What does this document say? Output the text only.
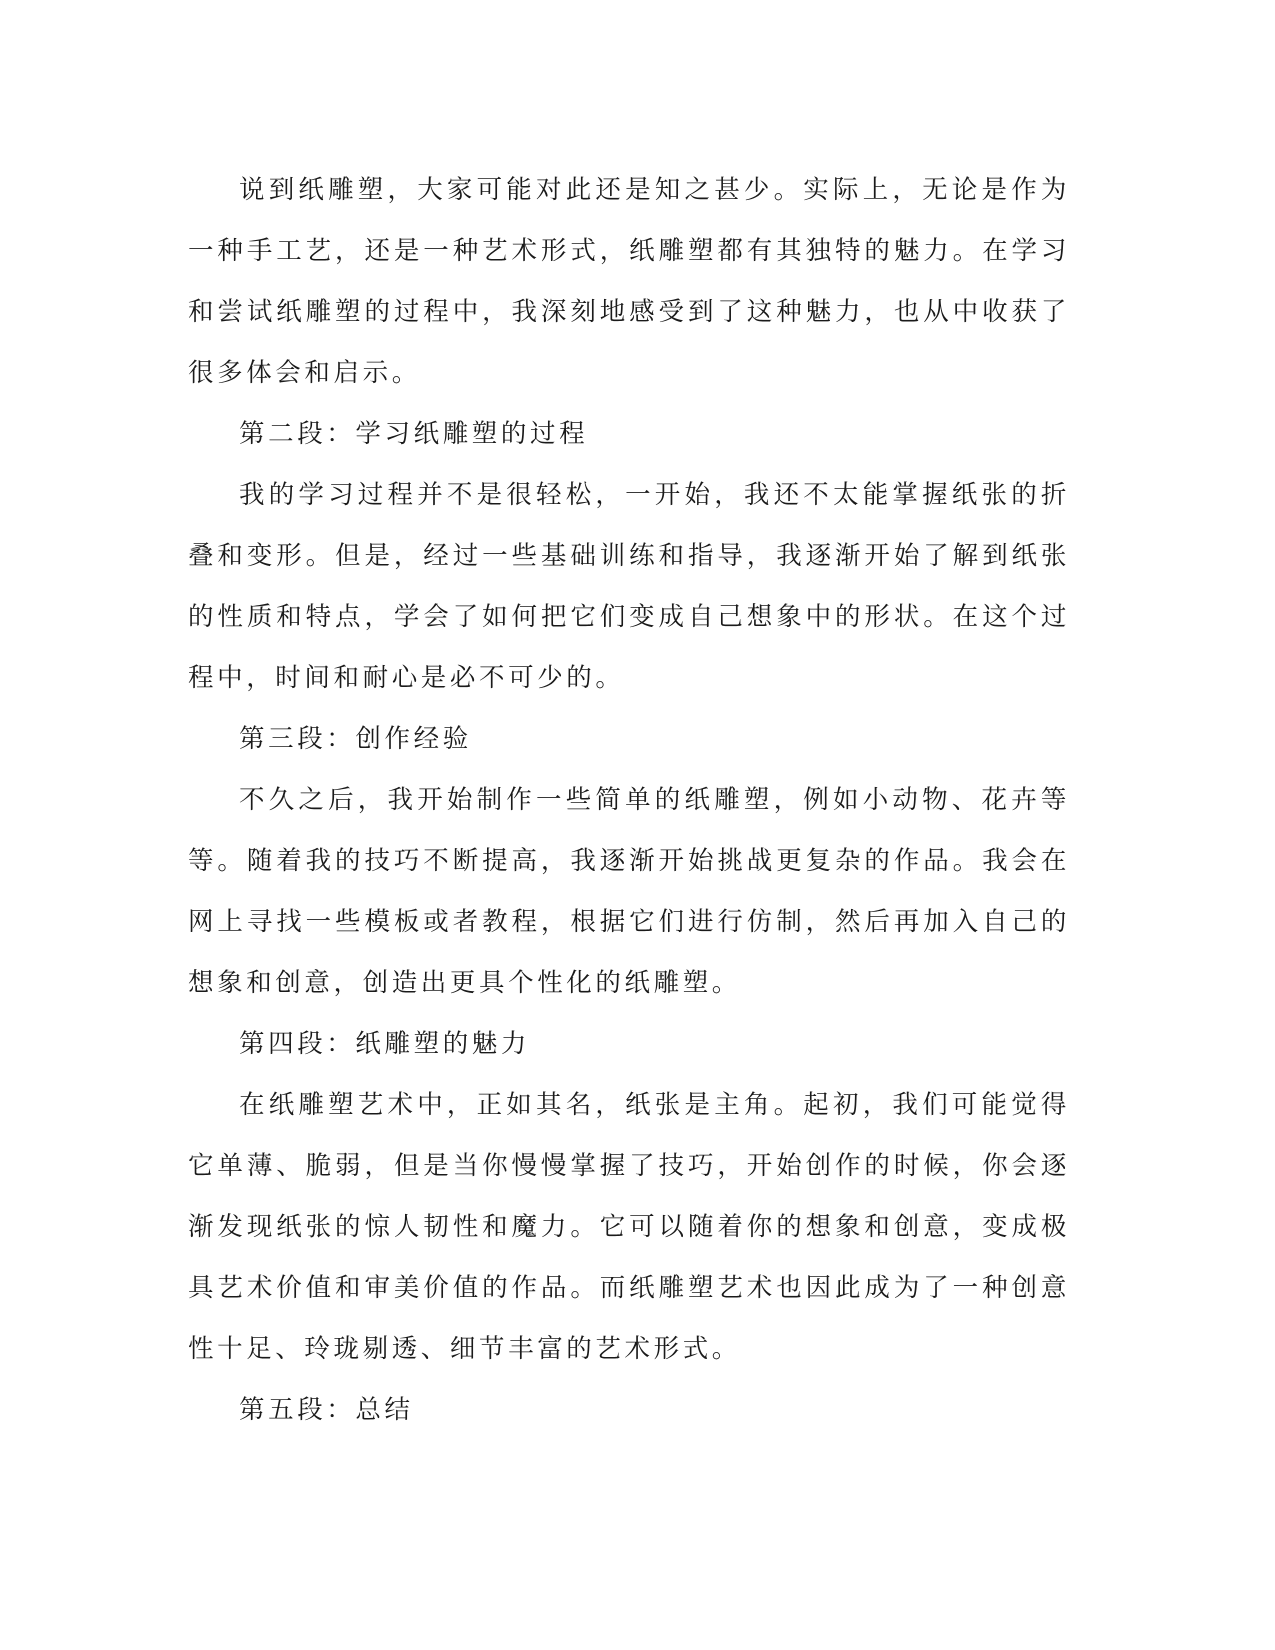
说到纸雕塑，大家可能对此还是知之甚少。实际上，无论是作为一种手工艺，还是一种艺术形式，纸雕塑都有其独特的魅力。在学习和尝试纸雕塑的过程中，我深刻地感受到了这种魅力，也从中收获了很多体会和启示。

第二段：学习纸雕塑的过程

我的学习过程并不是很轻松，一开始，我还不太能掌握纸张的折叠和变形。但是，经过一些基础训练和指导，我逐渐开始了解到纸张的性质和特点，学会了如何把它们变成自己想象中的形状。在这个过程中，时间和耐心是必不可少的。

第三段：创作经验

不久之后，我开始制作一些简单的纸雕塑，例如小动物、花卉等等。随着我的技巧不断提高，我逐渐开始挑战更复杂的作品。我会在网上寻找一些模板或者教程，根据它们进行仿制，然后再加入自己的想象和创意，创造出更具个性化的纸雕塑。

第四段：纸雕塑的魅力

在纸雕塑艺术中，正如其名，纸张是主角。起初，我们可能觉得它单薄、脆弱，但是当你慢慢掌握了技巧，开始创作的时候，你会逐渐发现纸张的惊人韧性和魔力。它可以随着你的想象和创意，变成极具艺术价值和审美价值的作品。而纸雕塑艺术也因此成为了一种创意性十足、玲珑剔透、细节丰富的艺术形式。

第五段：总结
